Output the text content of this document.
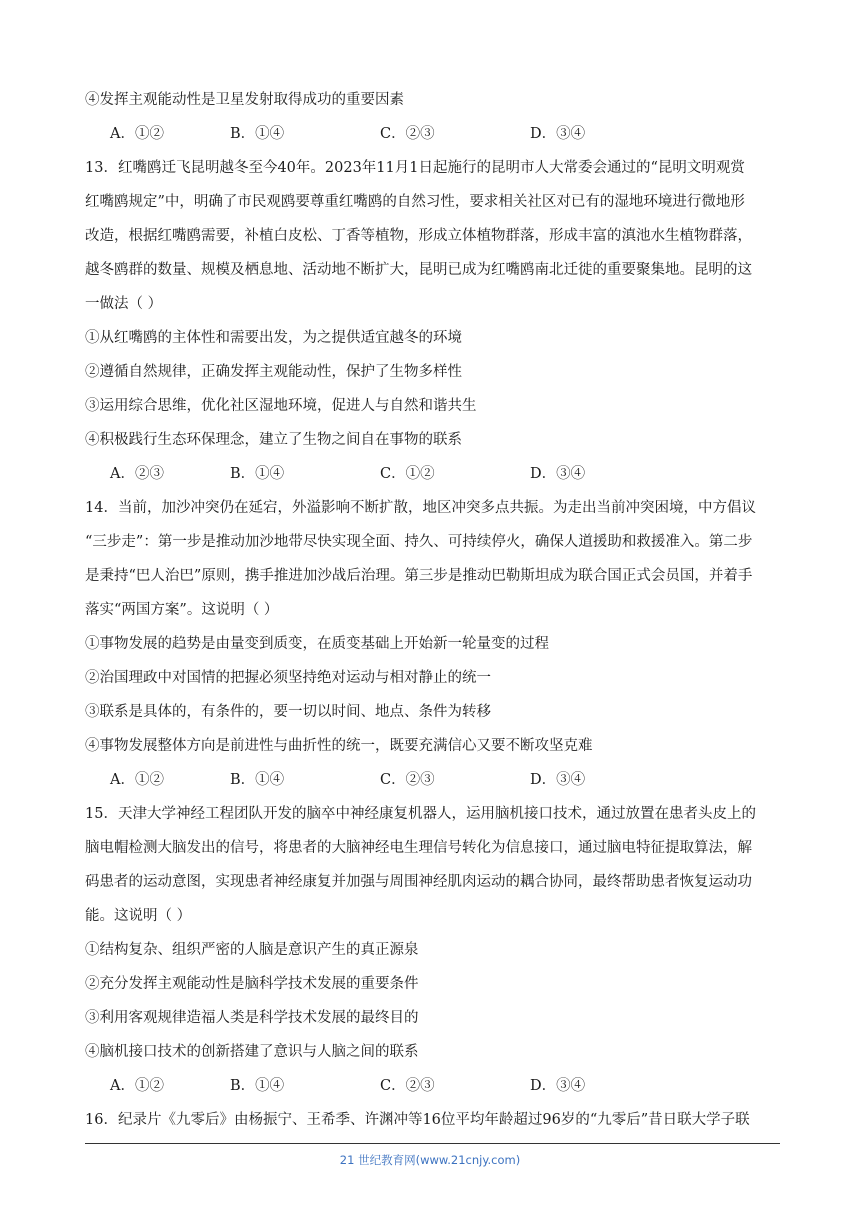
④发挥主观能动性是卫星发射取得成功的重要因素
13．红嘴鸥迁飞昆明越冬至今40年。2023年11月1日起施行的昆明市人大常委会通过的“昆明文明观赏
红嘴鸥规定”中，明确了市民观鸥要尊重红嘴鸥的自然习性，要求相关社区对已有的湿地环境进行微地形
改造，根据红嘴鸥需要，补植白皮松、丁香等植物，形成立体植物群落，形成丰富的滇池水生植物群落，
越冬鸥群的数量、规模及栖息地、活动地不断扩大，昆明已成为红嘴鸥南北迁徙的重要聚集地。昆明的这
一做法（ ）
①从红嘴鸥的主体性和需要出发，为之提供适宜越冬的环境
②遵循自然规律，正确发挥主观能动性，保护了生物多样性
③运用综合思维，优化社区湿地环境，促进人与自然和谐共生
④积极践行生态环保理念，建立了生物之间自在事物的联系
14．当前，加沙冲突仍在延宕，外溢影响不断扩散，地区冲突多点共振。为走出当前冲突困境，中方倡议
“三步走”：第一步是推动加沙地带尽快实现全面、持久、可持续停火，确保人道援助和救援准入。第二步
是秉持“巴人治巴”原则，携手推进加沙战后治理。第三步是推动巴勒斯坦成为联合国正式会员国，并着手
落实“两国方案”。这说明（ ）
①事物发展的趋势是由量变到质变，在质变基础上开始新一轮量变的过程
②治国理政中对国情的把握必须坚持绝对运动与相对静止的统一
③联系是具体的，有条件的，要一切以时间、地点、条件为转移
④事物发展整体方向是前进性与曲折性的统一，既要充满信心又要不断攻坚克难
15．天津大学神经工程团队开发的脑卒中神经康复机器人，运用脑机接口技术，通过放置在患者头皮上的
脑电帽检测大脑发出的信号，将患者的大脑神经电生理信号转化为信息接口，通过脑电特征提取算法，解
码患者的运动意图，实现患者神经康复并加强与周围神经肌肉运动的耦合协同，最终帮助患者恢复运动功
能。这说明（ ）
①结构复杂、组织严密的人脑是意识产生的真正源泉
②充分发挥主观能动性是脑科学技术发展的重要条件
③利用客观规律造福人类是科学技术发展的最终目的
④脑机接口技术的创新搭建了意识与人脑之间的联系
16．纪录片《九零后》由杨振宁、王希季、许渊冲等16位平均年龄超过96岁的“九零后”昔日联大学子联
A．①②	B．①④	C．②③	D．③④
A．②③	B．①④	C．①②	D．③④
A．①②	B．①④	C．②③	D．③④
A．①②	B．①④	C．②③	D．③④
21 世纪教育网(www.21cnjy.com)
